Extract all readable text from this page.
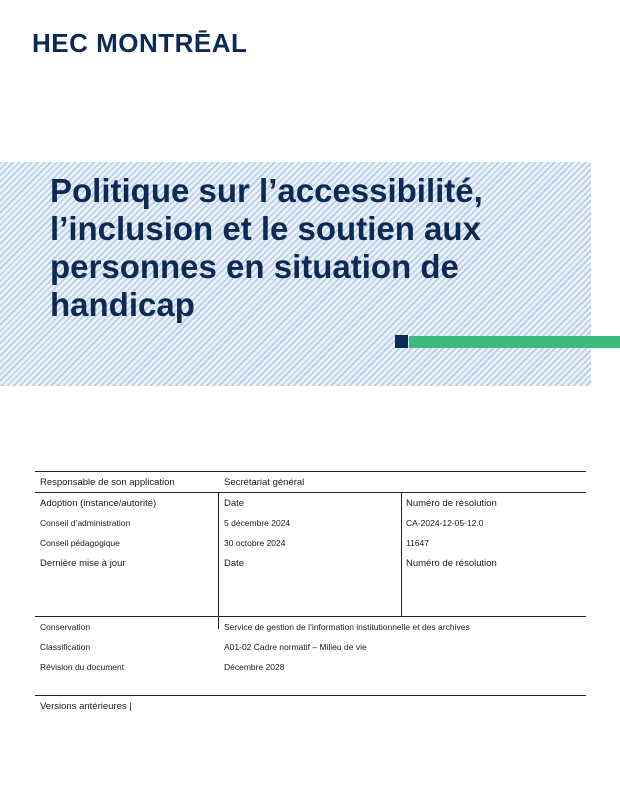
HEC MONTRĒAL
Politique sur l’accessibilité, l’inclusion et le soutien aux personnes en situation de handicap
Responsable de son application	Secrétariat général
Adoption (instance/autorité)	Date	Numéro de résolution
Conseil d’administration	5 décembre 2024	CA-2024-12-05-12.0
Conseil pédagogique	30 octobre 2024	11647
Dernière mise à jour	Date	Numéro de résolution
Conservation	Service de gestion de l’information institutionnelle et des archives
Classification	A01-02 Cadre normatif – Milieu de vie
Révision du document	Décembre 2028
Versions antérieures |
